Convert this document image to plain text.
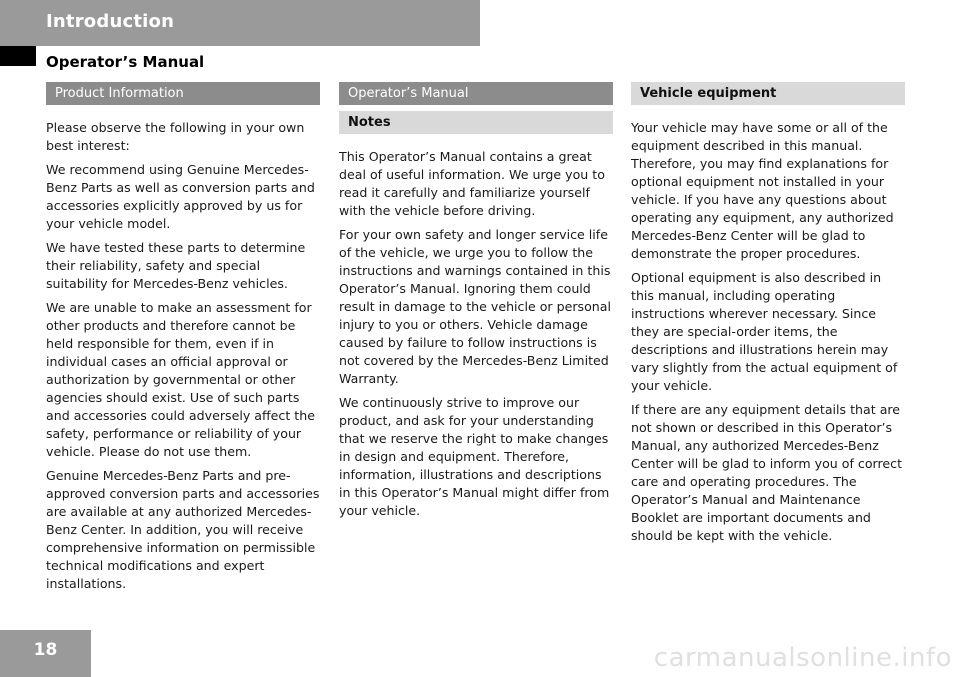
Introduction
Operator’s Manual
Product Information

Please observe the following in your own best interest:

We recommend using Genuine Mercedes-Benz Parts as well as conversion parts and accessories explicitly approved by us for your vehicle model.

We have tested these parts to determine their reliability, safety and special suitability for Mercedes-Benz vehicles.

We are unable to make an assessment for other products and therefore cannot be held responsible for them, even if in individual cases an official approval or authorization by governmental or other agencies should exist. Use of such parts and accessories could adversely affect the safety, performance or reliability of your vehicle. Please do not use them.

Genuine Mercedes-Benz Parts and pre-approved conversion parts and accessories are available at any authorized Mercedes-Benz Center. In addition, you will receive comprehensive information on permissible technical modifications and expert installations.

Operator’s Manual
Notes

This Operator’s Manual contains a great deal of useful information. We urge you to read it carefully and familiarize yourself with the vehicle before driving.

For your own safety and longer service life of the vehicle, we urge you to follow the instructions and warnings contained in this Operator’s Manual. Ignoring them could result in damage to the vehicle or personal injury to you or others. Vehicle damage caused by failure to follow instructions is not covered by the Mercedes-Benz Limited Warranty.

We continuously strive to improve our product, and ask for your understanding that we reserve the right to make changes in design and equipment. Therefore, information, illustrations and descriptions in this Operator’s Manual might differ from your vehicle.

Vehicle equipment

Your vehicle may have some or all of the equipment described in this manual. Therefore, you may find explanations for optional equipment not installed in your vehicle. If you have any questions about operating any equipment, any authorized Mercedes-Benz Center will be glad to demonstrate the proper procedures.

Optional equipment is also described in this manual, including operating instructions wherever necessary. Since they are special-order items, the descriptions and illustrations herein may vary slightly from the actual equipment of your vehicle.

If there are any equipment details that are not shown or described in this Operator’s Manual, any authorized Mercedes-Benz Center will be glad to inform you of correct care and operating procedures. The Operator’s Manual and Maintenance Booklet are important documents and should be kept with the vehicle.

18	carmanualsonline.info
